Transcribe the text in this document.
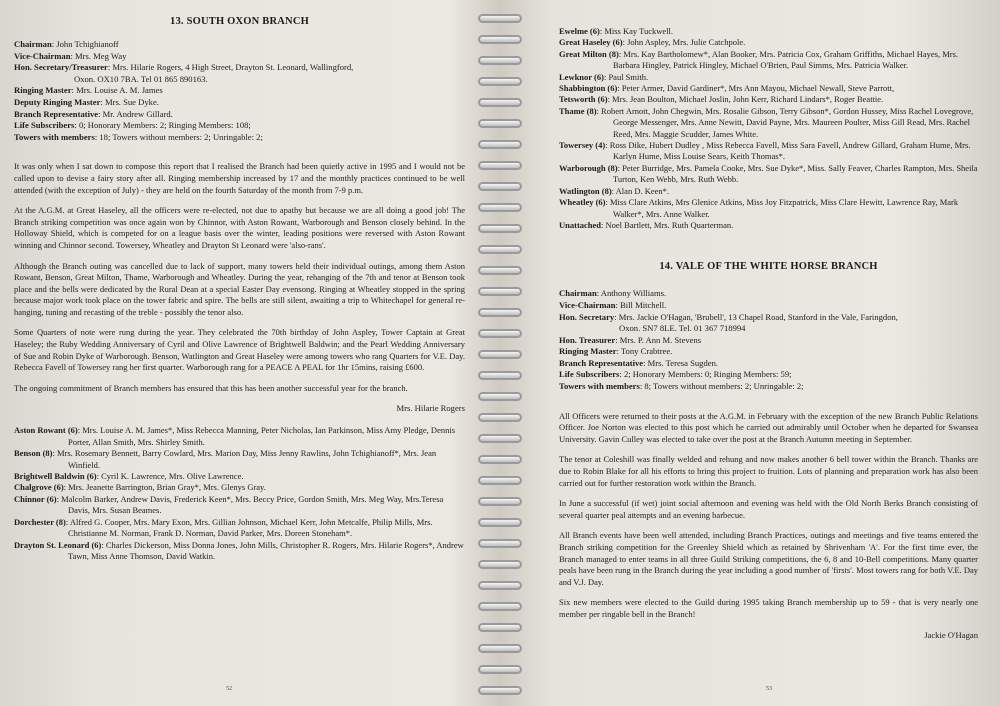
13. SOUTH OXON BRANCH
Chairman: John Tchighianoff
Vice-Chairman: Mrs. Meg Way
Hon. Secretary/Treasurer: Mrs. Hilarie Rogers, 4 High Street, Drayton St. Leonard, Wallingford,
Oxon. OX10 7BA. Tel 01 865 890163.
Ringing Master: Mrs. Louise A. M. James
Deputy Ringing Master: Mrs. Sue Dyke.
Branch Representative: Mr. Andrew Gillard.
Life Subscribers: 0; Honorary Members: 2; Ringing Members: 108;
Towers with members: 18; Towers without members: 2; Unringable: 2;

It was only when I sat down to compose this report that I realised the Branch had been quietly active in 1995 and I would not be called upon to devise a fairy story after all. Ringing membership increased by 17 and the monthly practices continued to be well attended (with the exception of July) - they are held on the fourth Saturday of the month from 7-9 p.m.

At the A.G.M. at Great Haseley, all the officers were re-elected, not due to apathy but because we are all doing a good job! The Branch striking competition was once again won by Chinnor, with Aston Rowant, Warborough and Benson closely behind. In the Holloway Shield, which is competed for on a league basis over the winter, leading positions were reversed with Aston Rowant winning and Chinnor second. Towersey, Wheatley and Drayton St Leonard were 'also-rans'.

Although the Branch outing was cancelled due to lack of support, many towers held their individual outings, among them Aston Rowant, Benson, Great Milton, Thame, Warborough and Wheatley. During the year, rehanging of the 7th and tenor at Benson took place and the bells were dedicated by the Rural Dean at a special Easter Day evensong. Ringing at Wheatley stopped in the spring because major work took place on the tower fabric and spire. The bells are still silent, awaiting a trip to Whitechapel for general re-hanging, tuning and recasting of the treble - possibly the tenor also.

Some Quarters of note were rung during the year. They celebrated the 70th birthday of John Aspley, Tower Captain at Great Haseley; the Ruby Wedding Anniversary of Cyril and Olive Lawrence of Brightwell Baldwin; and the Pearl Wedding Anniversary of Sue and Robin Dyke of Warborough. Benson, Watlington and Great Haseley were among towers who rang Quarters for V.E. Day. Rebecca Favell of Towersey rang her first quarter. Warborough rang for a PEACE A PEAL for 1hr 15mins, raising £600.

The ongoing commitment of Branch members has ensured that this has been another successful year for the branch.

Mrs. Hilarie Rogers

Aston Rowant (6): Mrs. Louise A. M. James*, Miss Rebecca Manning, Peter Nicholas, Ian Parkinson, Miss Amy Pledge, Dennis Porter, Allan Smith, Mrs. Shirley Smith.

Benson (8): Mrs. Rosemary Bennett, Barry Cowlard, Mrs. Marion Day, Miss Jenny Rawlins, John Tchighianoff*, Mrs. Jean Winfield.

Brightwell Baldwin (6): Cyril K. Lawrence, Mrs. Olive Lawrence.

Chalgrove (6): Mrs. Jeanette Barrington, Brian Gray*, Mrs. Glenys Gray.

Chinnor (6): Malcolm Barker, Andrew Davis, Frederick Keen*, Mrs. Beccy Price, Gordon Smith, Mrs. Meg Way, Mrs.Teresa Davis, Mrs. Susan Beames.

Dorchester (8): Alfred G. Cooper, Mrs. Mary Exon, Mrs. Gillian Johnson, Michael Kerr, John Metcalfe, Philip Mills, Mrs. Christianne M. Norman, Frank D. Norman, David Parker, Mrs. Doreen Stoneham*.

Drayton St. Leonard (6): Charles Dickerson, Miss Donna Jones, John Mills, Christopher R. Rogers, Mrs. Hilarie Rogers*, Andrew Tawn, Miss Anne Thomson, David Watkin.

52

Ewelme (6): Miss Kay Tuckwell.

Great Haseley (6): John Aspley, Mrs. Julie Catchpole.

Great Milton (8): Mrs. Kay Bartholomew*, Alan Booker, Mrs. Patricia Cox, Graham Griffiths, Michael Hayes, Mrs. Barbara Hingley, Patrick Hingley, Michael O'Brien, Paul Simms, Mrs. Patricia Walker.

Lewknor (6): Paul Smith.

Shabbington (6): Peter Armer, David Gardiner*, Mrs Ann Mayou, Michael Newall, Steve Parrott,

Tetsworth (6): Mrs. Jean Boulton, Michael Joslin, John Kerr, Richard Lindars*, Roger Beattie.

Thame (8): Robert Arnott, John Chegwin, Mrs. Rosalie Gibson, Terry Gibson*, Gordon Hussey, Miss Rachel Lovegrove, George Messenger, Mrs. Anne Newitt, David Payne, Mrs. Maureen Poulter, Miss Gill Read, Mrs. Rachel Reed, Mrs. Maggie Scudder, James White.

Towersey (4): Ross Dike, Hubert Dudley , Miss Rebecca Favell, Miss Sara Favell, Andrew Gillard, Graham Hume, Mrs. Karlyn Hume, Miss Louise Sears, Keith Thomas*.

Warborough (8): Peter Burridge, Mrs. Pamela Cooke, Mrs. Sue Dyke*, Miss. Sally Feaver, Charles Rampton, Mrs. Sheila Turton, Ken Webb, Mrs. Ruth Webb.

Watlington (8): Alan D. Keen*.

Wheatley (6): Miss Clare Atkins, Mrs Glenice Atkins, Miss Joy Fitzpatrick, Miss Clare Hewitt, Lawrence Ray, Mark Walker*, Mrs. Anne Walker.

Unattached: Noel Bartlett, Mrs. Ruth Quarterman.

14. VALE OF THE WHITE HORSE BRANCH
Chairman: Anthony Williams.
Vice-Chairman: Bill Mitchell.
Hon. Secretary: Mrs. Jackie O'Hagan, 'Brubell', 13 Chapel Road, Stanford in the Vale, Faringdon,
Oxon. SN7 8LE. Tel. 01 367 718994
Hon. Treasurer: Mrs. P. Ann M. Stevens
Ringing Master: Tony Crabtree.
Branch Representative: Mrs. Teresa Sugden.
Life Subscribers: 2; Honorary Members: 0; Ringing Members: 59;
Towers with members: 8; Towers without members: 2; Unringable: 2;

All Officers were returned to their posts at the A.G.M. in February with the exception of the new Branch Public Relations Officer. Joe Norton was elected to this post which he carried out admirably until October when he departed for Swansea University. Gavin Culley was elected to take over the post at the Branch Autumn meeting in September.

The tenor at Coleshill was finally welded and rehung and now makes another 6 bell tower within the Branch. Thanks are due to Robin Blake for all his efforts to bring this project to fruition. Lots of planning and preparation work has also been carried out for further restoration work within the Branch.

In June a successful (if wet) joint social afternoon and evening was held with the Old North Berks Branch consisting of several quarter peal attempts and an evening barbecue.

All Branch events have been well attended, including Branch Practices, outings and meetings and five teams entered the Branch striking competition for the Greenley Shield which as retained by Shrivenham 'A'. For the first time ever, the Branch managed to enter teams in all three Guild Striking competitions, the 6, 8 and 10-Bell competitions. Many quarter peals have been rung in the Branch during the year including a good number of 'firsts'. Most towers rang for both V.E. Day and V.J. Day.

Six new members were elected to the Guild during 1995 taking Branch membership up to 59 - that is very nearly one member per ringable bell in the Branch!

Jackie O'Hagan

53
